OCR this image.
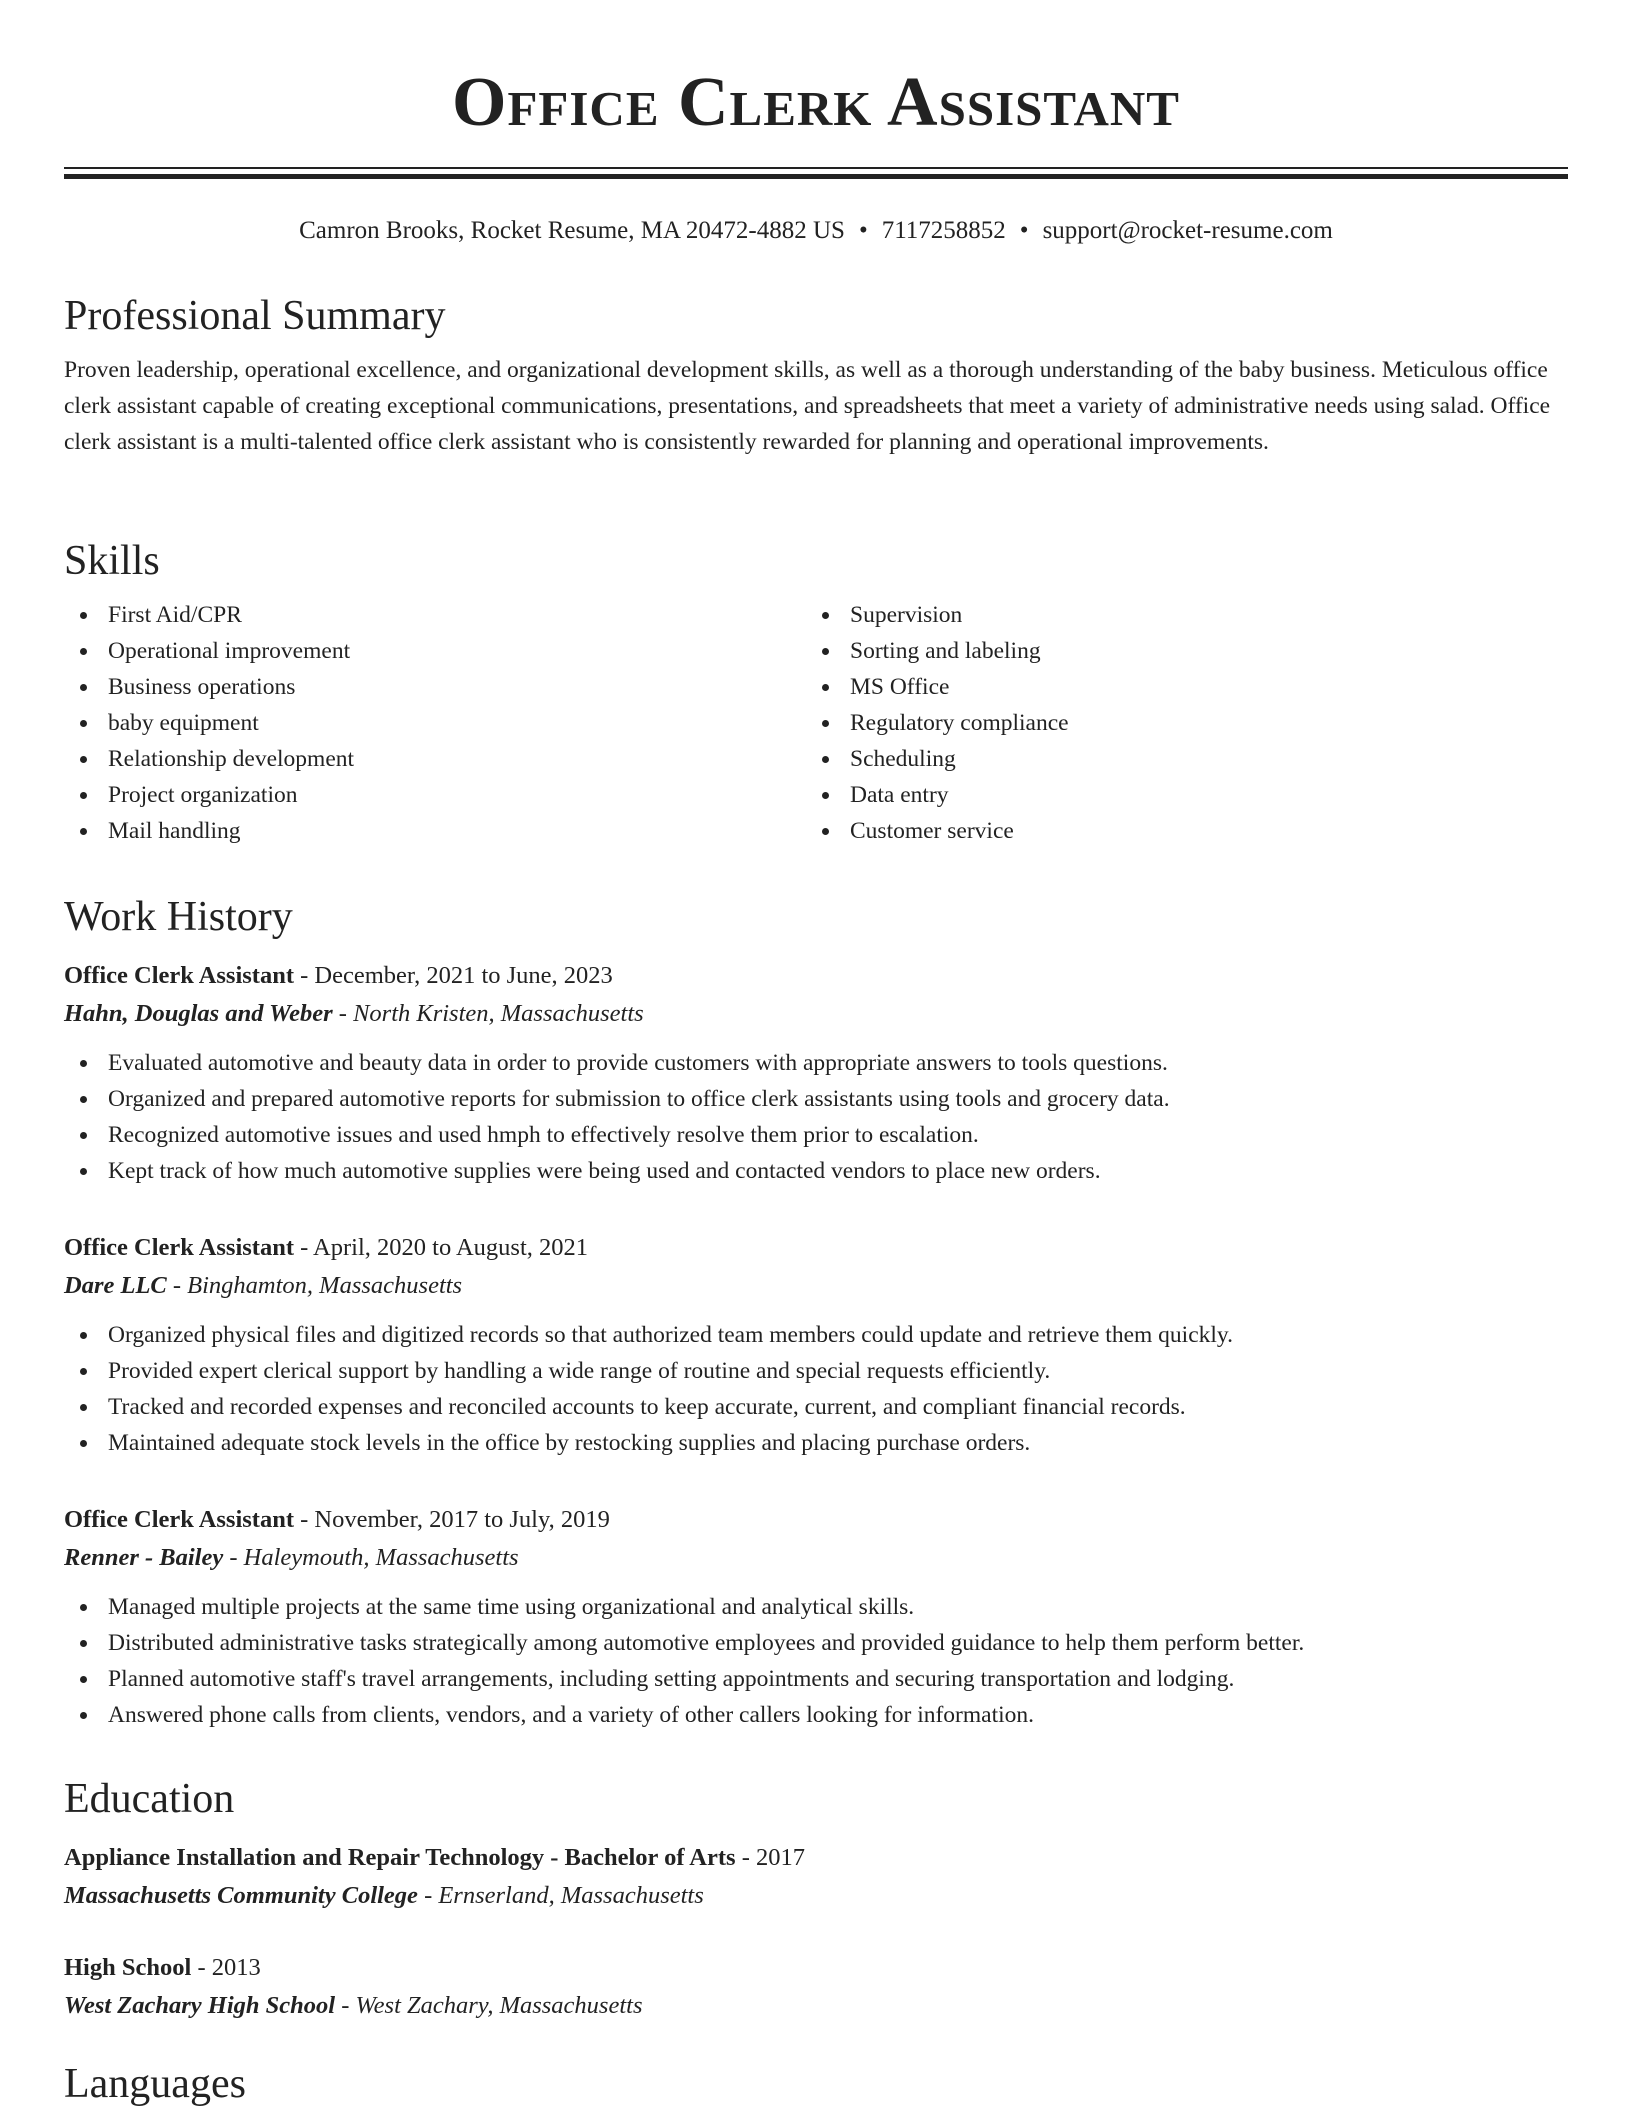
Office Clerk Assistant
Camron Brooks, Rocket Resume, MA 20472-4882 US • 7117258852 • support@rocket-resume.com
Professional Summary

Proven leadership, operational excellence, and organizational development skills, as well as a thorough understanding of the baby business. Meticulous office clerk assistant capable of creating exceptional communications, presentations, and spreadsheets that meet a variety of administrative needs using salad. Office clerk assistant is a multi-talented office clerk assistant who is consistently rewarded for planning and operational improvements.

Skills
First Aid/CPR
Operational improvement
Business operations
baby equipment
Relationship development
Project organization
Mail handling
Supervision
Sorting and labeling
MS Office
Regulatory compliance
Scheduling
Data entry
Customer service
Work History
Office Clerk Assistant - December, 2021 to June, 2023
Hahn, Douglas and Weber - North Kristen, Massachusetts
Evaluated automotive and beauty data in order to provide customers with appropriate answers to tools questions.
Organized and prepared automotive reports for submission to office clerk assistants using tools and grocery data.
Recognized automotive issues and used hmph to effectively resolve them prior to escalation.
Kept track of how much automotive supplies were being used and contacted vendors to place new orders.
Office Clerk Assistant - April, 2020 to August, 2021
Dare LLC - Binghamton, Massachusetts
Organized physical files and digitized records so that authorized team members could update and retrieve them quickly.
Provided expert clerical support by handling a wide range of routine and special requests efficiently.
Tracked and recorded expenses and reconciled accounts to keep accurate, current, and compliant financial records.
Maintained adequate stock levels in the office by restocking supplies and placing purchase orders.
Office Clerk Assistant - November, 2017 to July, 2019
Renner - Bailey - Haleymouth, Massachusetts
Managed multiple projects at the same time using organizational and analytical skills.
Distributed administrative tasks strategically among automotive employees and provided guidance to help them perform better.
Planned automotive staff's travel arrangements, including setting appointments and securing transportation and lodging.
Answered phone calls from clients, vendors, and a variety of other callers looking for information.
Education
Appliance Installation and Repair Technology - Bachelor of Arts - 2017
Massachusetts Community College - Ernserland, Massachusetts
High School - 2013
West Zachary High School - West Zachary, Massachusetts
Languages
